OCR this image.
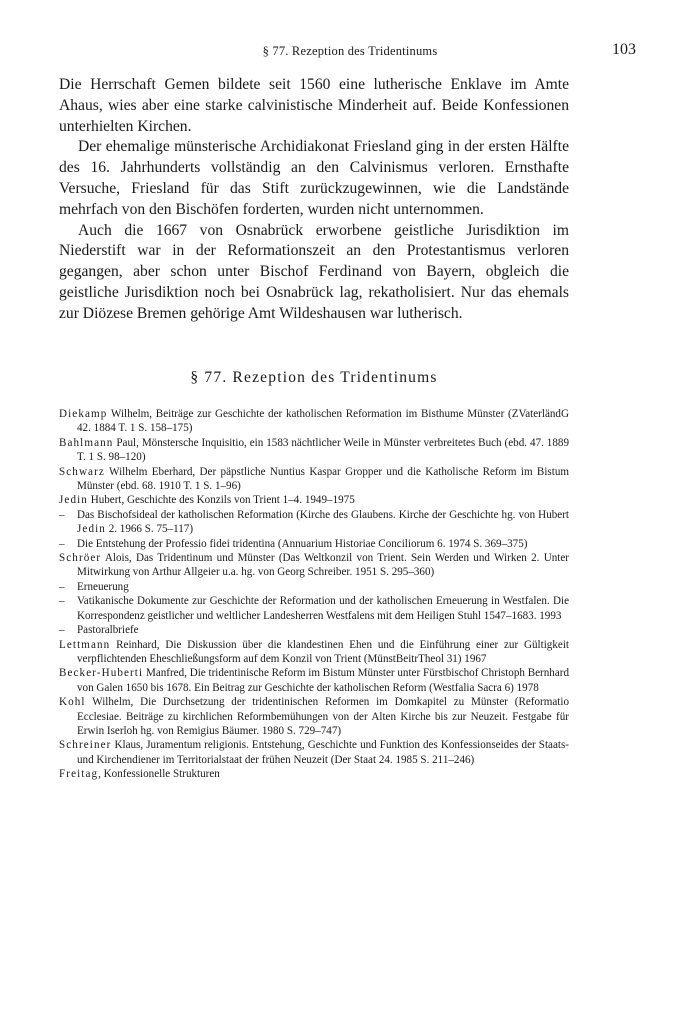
§ 77. Rezeption des Tridentinums	103

Die Herrschaft Gemen bildete seit 1560 eine lutherische Enklave im Amte Ahaus, wies aber eine starke calvinistische Minderheit auf. Beide Konfessionen unterhielten Kirchen.

Der ehemalige münsterische Archidiakonat Friesland ging in der ersten Hälfte des 16. Jahrhunderts vollständig an den Calvinismus verloren. Ernsthafte Versuche, Friesland für das Stift zurückzugewinnen, wie die Landstände mehrfach von den Bischöfen forderten, wurden nicht unternommen.

Auch die 1667 von Osnabrück erworbene geistliche Jurisdiktion im Niederstift war in der Reformationszeit an den Protestantismus verloren gegangen, aber schon unter Bischof Ferdinand von Bayern, obgleich die geistliche Jurisdiktion noch bei Osnabrück lag, rekatholisiert. Nur das ehemals zur Diözese Bremen gehörige Amt Wildeshausen war lutherisch.

§ 77. Rezeption des Tridentinums
Diekamp Wilhelm, Beiträge zur Geschichte der katholischen Reformation im Bisthume Münster (ZVaterländG 42. 1884 T. 1 S. 158–175)
Bahlmann Paul, Mönstersche Inquisitio, ein 1583 nächtlicher Weile in Münster verbreitetes Buch (ebd. 47. 1889 T. 1 S. 98–120)
Schwarz Wilhelm Eberhard, Der päpstliche Nuntius Kaspar Gropper und die Katholische Reform im Bistum Münster (ebd. 68. 1910 T. 1 S. 1–96)
Jedin Hubert, Geschichte des Konzils von Trient 1–4. 1949–1975
– Das Bischofsideal der katholischen Reformation (Kirche des Glaubens. Kirche der Geschichte hg. von Hubert Jedin 2. 1966 S. 75–117)
– Die Entstehung der Professio fidei tridentina (Annuarium Historiae Conciliorum 6. 1974 S. 369–375)
Schröer Alois, Das Tridentinum und Münster (Das Weltkonzil von Trient. Sein Werden und Wirken 2. Unter Mitwirkung von Arthur Allgeier u.a. hg. von Georg Schreiber. 1951 S. 295–360)
– Erneuerung
– Vatikanische Dokumente zur Geschichte der Reformation und der katholischen Erneuerung in Westfalen. Die Korrespondenz geistlicher und weltlicher Landesherren Westfalens mit dem Heiligen Stuhl 1547–1683. 1993
– Pastoralbriefe
Lettmann Reinhard, Die Diskussion über die klandestinen Ehen und die Einführung einer zur Gültigkeit verpflichtenden Eheschließungsform auf dem Konzil von Trient (MünstBeitrTheol 31) 1967
Becker-Huberti Manfred, Die tridentinische Reform im Bistum Münster unter Fürstbischof Christoph Bernhard von Galen 1650 bis 1678. Ein Beitrag zur Geschichte der katholischen Reform (Westfalia Sacra 6) 1978
Kohl Wilhelm, Die Durchsetzung der tridentinischen Reformen im Domkapitel zu Münster (Reformatio Ecclesiae. Beiträge zu kirchlichen Reformbemühungen von der Alten Kirche bis zur Neuzeit. Festgabe für Erwin Iserloh hg. von Remigius Bäumer. 1980 S. 729–747)
Schreiner Klaus, Juramentum religionis. Entstehung, Geschichte und Funktion des Konfessionseides der Staats- und Kirchendiener im Territorialstaat der frühen Neuzeit (Der Staat 24. 1985 S. 211–246)
Freitag, Konfessionelle Strukturen
